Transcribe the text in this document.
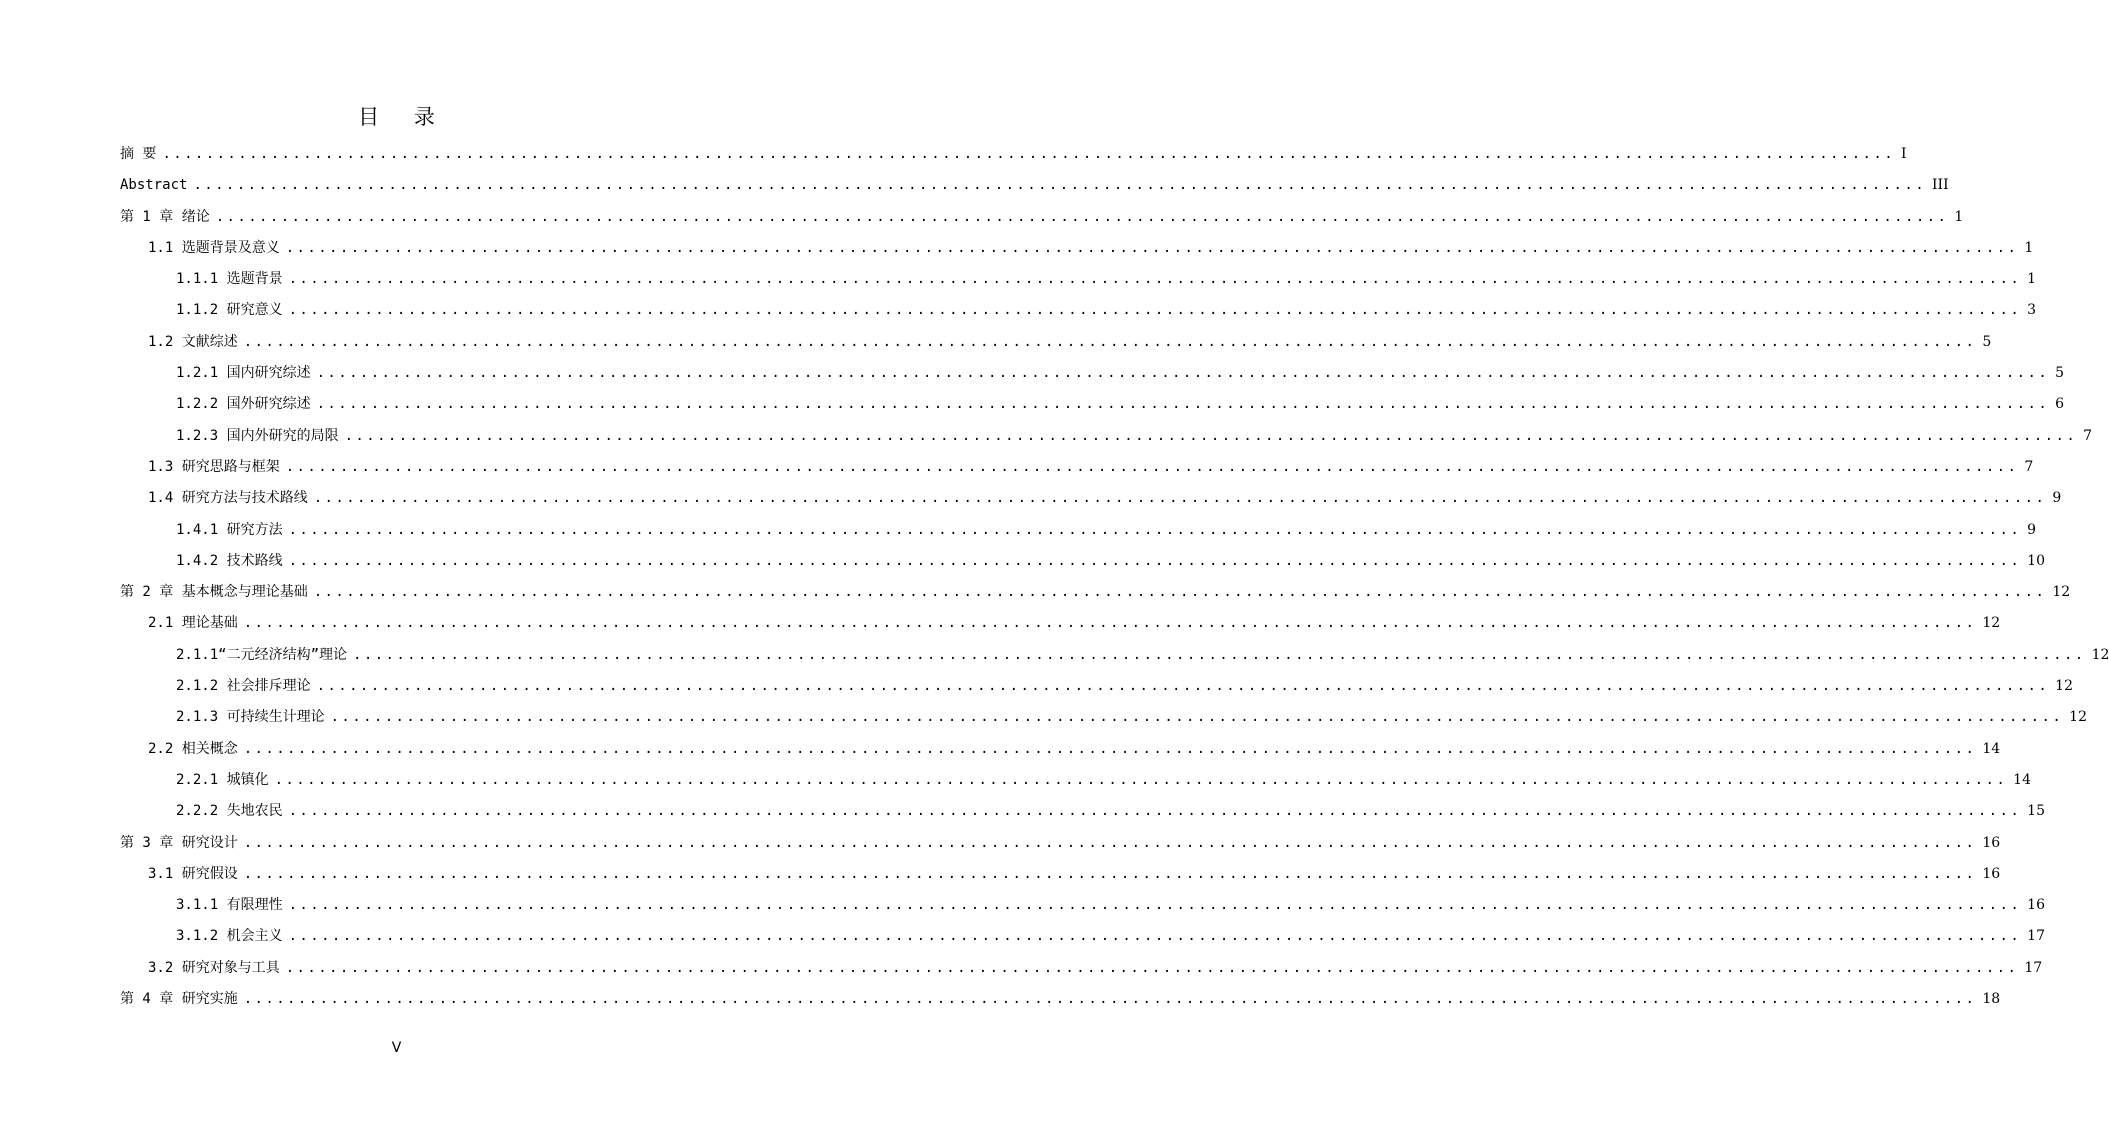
目 录
摘 要 ................................................................................................................................................................ I
Abstract ................................................................................................................................................................ III
第 1 章 绪论 ................................................................................................................................................................ 1
1.1 选题背景及意义 ................................................................................................................................................................ 1
1.1.1 选题背景 ................................................................................................................................................................ 1
1.1.2 研究意义 ................................................................................................................................................................ 3
1.2 文献综述 ................................................................................................................................................................ 5
1.2.1 国内研究综述 ................................................................................................................................................................ 5
1.2.2 国外研究综述 ................................................................................................................................................................ 6
1.2.3 国内外研究的局限 ................................................................................................................................................................ 7
1.3 研究思路与框架 ................................................................................................................................................................ 7
1.4 研究方法与技术路线 ................................................................................................................................................................ 9
1.4.1 研究方法 ................................................................................................................................................................ 9
1.4.2 技术路线 ................................................................................................................................................................ 10
第 2 章 基本概念与理论基础 ................................................................................................................................................................ 12
2.1 理论基础 ................................................................................................................................................................ 12
2.1.1“二元经济结构”理论 ................................................................................................................................................................ 12
2.1.2 社会排斥理论 ................................................................................................................................................................ 12
2.1.3 可持续生计理论 ................................................................................................................................................................ 12
2.2 相关概念 ................................................................................................................................................................ 14
2.2.1 城镇化 ................................................................................................................................................................ 14
2.2.2 失地农民 ................................................................................................................................................................ 15
第 3 章 研究设计 ................................................................................................................................................................ 16
3.1 研究假设 ................................................................................................................................................................ 16
3.1.1 有限理性 ................................................................................................................................................................ 16
3.1.2 机会主义 ................................................................................................................................................................ 17
3.2 研究对象与工具 ................................................................................................................................................................ 17
第 4 章 研究实施 ................................................................................................................................................................ 18
V
